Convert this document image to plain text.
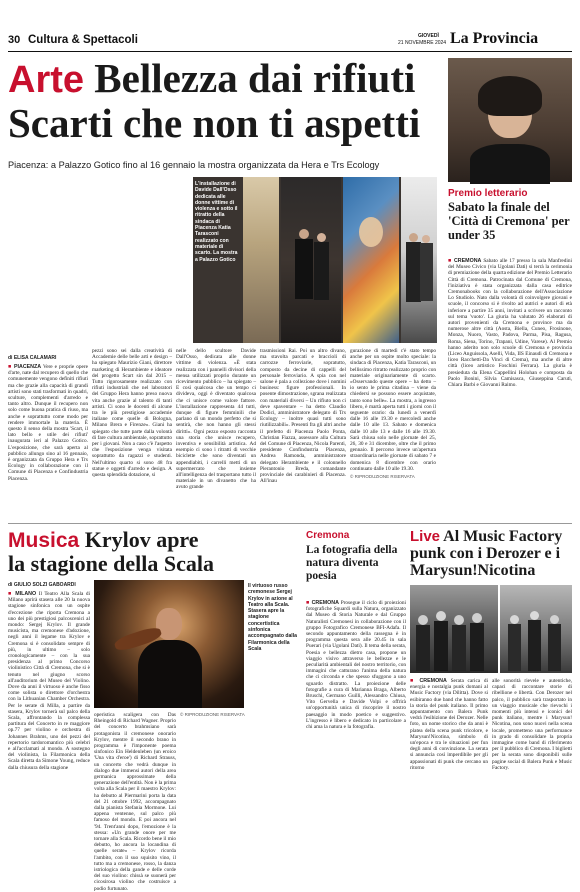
30 Cultura & Spettacoli	GIOVEDÌ
21 NOVEMBRE 2024 La Provincia
Arte Bellezza dai rifiuti
Scarti che non ti aspetti
Piacenza: a Palazzo Gotico fino al 16 gennaio la mostra organizzata da Hera e Trs Ecology
L'installazione di Davide Dall'Osso dedicata alle donne vittime di violenza e sotto il ritratto della sindaca di Piacenza Katia Tarasconi realizzato con materiale di scarto. La mostra a Palazzo Gotico
di ELISA CALAMARI
■ PIACENZA Vere e proprie opere d'arte, nate dal recupero di quello che comunemente vengono definiti rifiuti ma che grazie alla capacità di grandi artisti sono stati trasformati in quadri, sculture, complementi d'arredo e tanto altro. Dunque il recupero non solo come buona pratica di riuso, ma anche e soprattutto come modo per rendere immortale la materia. È questo il senso della mostra 'Scart, il lato bello e utile dei rifiuti' inaugurata ieri al Palazzo Gotico. L'esposizione, che sarà aperta al pubblico allungo sino al 16 gennaio, è organizzata da Gruppo Hera e Trs Ecology in collaborazione con il Comune di Piacenza e Confindustria Piacenza.
pezzi sono sei dalla creatività di Accademie delle belle arti e design – ha spiegato Maurizio Giani, direttore marketing di Herambiente e ideatore del progetto Scart sin dal 2015 – Tutto rigorosamente realizzato con rifiuti industriali che nel laboratori del Gruppo Hera hanno preso nuova vita anche grazie al talento di tanti artisti. Ci sono le docenti di alcune tra le più prestigiose accademie italiane come quelle di Bologna, Milano Brera e Firenze». Giani ha spiegato che tutte parte dalla volontà di fare cultura ambientale, soprattutto per i giovani. Non a caso c'è l'aspetto che l'esposizione venga visitata soprattutto da ragazzi e studenti. Nell'ultimo quarto si sono 48 fra statue e oggetti d'arredo e design. A questa splendida dotazione, si
nelle dello scultore Davide Dall'Osso, dedicata alle donne vittime di violenza. «È stata realizzata con i pannelli divisori della mensa utilizzati proprio durante un ricevimento pubblico – ha spiegato – E così qualcosa che un tempo ci divideva, oggi è diventato qualcosa che ci unisce come valore fattore. L'installazione rappresenta 44 tutti, dunque di figure femminili che parlano di un mondo perfetto che si sentirà, che non hanno gli stessi diritti». Ogni pezzo esposto racconta una storia che unisce recupero, inventiva e sensibilità artistica. Ad esempio ci sono i ritratti di vecchie biciclette che sono diventati un appendiabiti, i carrelli metti di un supermercato che insieme all'intelligenza del trasportano tutto il materiale in un divanetto che ha avuto grande
trasmissioni Rai. Poi un altro divano, ma stavolta parcati e braccioli di carrozze ferroviarie, sopratutto, composto da decine di cappelli del personale ferroviario. A spia con nel salone è pala a collezione dove i nomini business: figure professionali. In posente dimostrazione, sgrana realizzata con materiali diversi – Un rifiuto non ci deve spaventare – ha detto Claudio Dodici, amministratore delegato di Trs Ecology – inoltre quasi tutti sono riutilizzabili». Presenti fra gli altri anche il prefetto di Piacenza Paolo Ponta, Christian Fiazza, assessore alla Cultura del Comune di Piacenza, Nicola Parenti, presidente Confindustria Piacenza, Andrea Ramonda, amministratore delegato Herambiente e il colonnello Pierantonio Breda, comandante provinciale dei carabinieri di Piacenza. All'inau
gurazione di martedì c'è stato tempo anche per un ospite molto speciale: la sindaca di Piacenza, Katia Tarasconi, un bellissimo ritratto realizzato proprio con materiale originariamente di scarto. «Osservando queste opere – ha detto – io sento le prima citadina – viene da chiedersi se possono essere acquistate, tanto sono belle». La mostra, a ingresso libero, è martà aperta tutti i giorni con il seguente orario: da lunedì a venerdì dalle 16 alle 19.30 e mercoledì anche dalle 10 alle 13. Sabato e domenica dalle 10 alle 13 e dalle 16 alle 19.30. Sarà chiusa solo nelle giornate del 25, 26, 30 e 31 dicembre, oltre che il primo gennaio. Il percorso invece un'apertura straordinaria nelle giornate di sabato 7 e domenica 8 dicembre con orario continuato dalle 10 alle 19.30.
© RIPRODUZIONE RISERVATA
Premio letterario
Sabato la finale del 'Città di Cremona' per under 35
■ CREMONA Sabato alle 17 presso la sala Manfredini del Museo Civico (via Ugolani Dati) si terrà la cerimonia di premiazione della quarta edizione del Premio Letterario Città di Cremona. Patrocinata dal Comune di Cremona, l'iniziativa è stata organizzata dalla casa editrice Cremonabooks con la collaborazione dell'Associazione Lo Studiolo. Nato dalla volontà di coinvolgere giovani e scuole, il concorso si è rivolto ad autrici e autori di età inferiore a partire 35 anni, invitati a scrivere un racconto sul tema 'vuoto'. La giuria ha valutato 26 elaborati di autori provenienti da Cremona e province ma da numerose altre città (Aosta, Biella, Cuneo, Frosinone, Monza, Nuoro, Vasto, Padova, Parma, Pisa, Ragusa, Roma, Siena, Torino, Trapani, Udine, Varese). Al Premio hanno aderito non solo scuole di Cremona e provincia (Liceo Anguissola, Aselli, Vida, IIS Einaudi di Cremona e liceo Racchetti-Da Vinci di Crema), ma anche di altre città (liceo artistico Foschini Ferrara). La giuria è presieduta da Elena Cappellini Holohan e composta da Paolo Bonini, Silvia Camisasca, Giuseppina Caruti, Chiara Barbi e Giovanni Raimo.
Musica Krylov apre
la stagione della Scala
di GIULIO SOLZI GABOARDI
■ MILANO Il Teatro Alla Scala di Milano aprirà stasera alle 20 la nuova stagione sinfonica con un ospite d'eccezione che riporta Cremona a uno dei più prestigiosi palcoscenici al mondo: Sergej Krylov. Il grande musicista, ma cremonese d'adozione, negli anni il legame tra Krylov e Cremona si è consolidato sempre di più, in ultimo – solo cronologicamente – con la sua presidenza al primo Concorso violinistico Città di Cremona, che si è tenuto nel giugno scorso all'auditorium del Museo del Violino. Dove da anni il virtuoso è anche fisso come solista o direttore d'orchestra con la Lithuanian Chamber Orchestra. Per le serate di Milla, a partire da stasera, Krylov tornerà sul palco della Scala, affrontando la complessa partitura del Concerto in re maggiore op.77 per violino e orchestra di Johannes Brahms, uno dei pezzi del repertorio tardoromantico più celebri e all'acclamati al mondo. A sostegno del violinista, la Filarmonica della Scala diretta da Simone Young, reduce dalla chiusura della stagione
Il virtuoso russo cremonese Sergej Krylov in azione al Teatro alla Scala. Stasera apre la stagione concertistica sinfonica accompagnato dalla Filarmonica della Scala
operistica scaligera con Das Rheingold di Richard Wagner. Proprio del concerto brahmsiano sarà protagonista il cremonese onorario Krylov, mentre il secondo brano in programma è l'imponente poema sinfonico Ein Heldenleben (un eroico 'Una vita d'eroe') di Richard Strauss, un concerto che vedrà dunque in dialogo due immensi autori della area germanica approssimate della generazione dell'entità. Non è la prima volta alla Scala per il maestro Krylov: ha debutto al Piermarini porta la data del 21 ottobre 1992, accompagnato dalla pianista Stefania Mormone. Lui appena ventenne, sul palco più famoso del mondo. E poi ancora nel '94. Trent'anni dopo, l'emozione è la stessa: «Un grande onore per me tornare alla Scala. Ricordo bene il mio debutto, ho ancora la locandina di quelle serate» – Krylov ricorda l'ambito, con il suo squisito vino, il tutto ma a cremonese, rosso, la danza istriologica della gande e delle corde del suo violino: chissà se suonerà per cicosirosa violino che costruisce a podio furtunato.
© RIPRODUZIONE RISERVATA
Cremona
La fotografia della natura diventa poesia
■ CREMONA Prosegue il ciclo di proiezioni fotografiche Squardi sulla Natura, organizzato dal Museo di Storia Naturale e dal Gruppo Naturalisti Cremonesi in collaborazione con il gruppo Fotografico Cremonese BFI-Adafa. Il secondo appuntamento della rassegna è in programma questa sera alle 20.45 in sala Puerari (via Ugolani Dati). Il tema della serata, Poesia e bellezza dietro casa, propone un viaggio visivo attraverso le bellezze e le peculiarità ambientali del nostro territorio, con immagini che catturano l'anima della natura che ci circonda e che spesso sfuggono a uno sguardo distratto. La proiezione delle fotografie a cura di Marianna Braga, Alberto Bruschi, Germano Guilli, Alessandro Chiusa, Vito Gervella e Davide Volpi e offrirà un'opportunità unica di riscoprire il nostro paesaggio in modo poetico e suggestivo. L'ingresso è libero e dedicato in particolare a chi ama la natura e la fotografia.
Live Al Music Factory punk con i Derozer e i Marysun!Nicotina
■ CREMONA Serata carica di energia e nostalgia punk domani al Music Factory (via Dilitta). Dove si esibiranno due band che hanno fatto la storia del punk italiano. Il primo appuntamento con Balera Punk vedrà l'esibizione dei Derozer. Nelle foto, un nome storico che da anni è platea della scena punk tricolore, e Marysun!Nicotina, simbolo di un'epoca e tra le situazioni per fun degli anni di convinzione. La serata si annuncia così imperdibile per gli appassionati di punk che cercano un ritorno
alle sonorità rievele e autentiche, capaci di raccontare storie di ribellione e libertà. Con Derozer nel palco, il pubblico sarà trasportato in un viaggio musicale che rievochi i momenti più intensi e iconici del punk italiano, mentre i Marysun! Nicotina, non sono nuovi nella scena locale, prometteno una performance in grado di consolidare la propria immagine come band di riferimento per il pubblico di Cremona. I biglietti per la serata sono disponibili sulle pagine social di Balera Punk e Music Factory.
